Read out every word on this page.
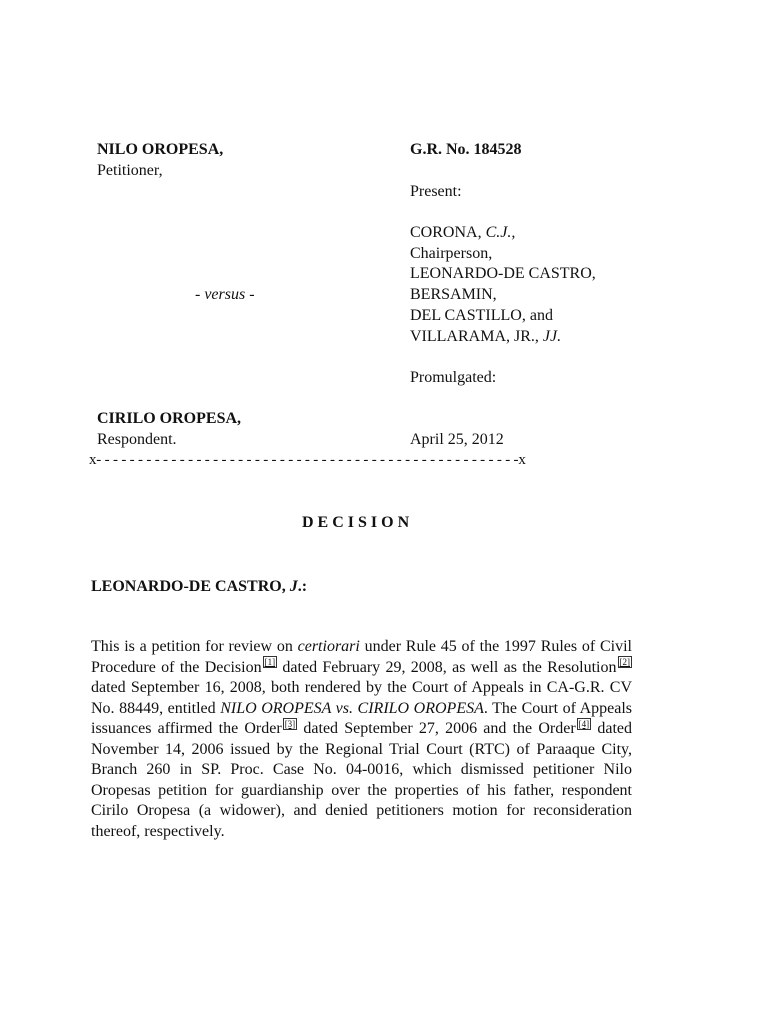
NILO OROPESA,
Petitioner,
- versus -
CIRILO OROPESA,
Respondent.
G.R. No. 184528
Present:
CORONA, C.J.,
Chairperson,
LEONARDO-DE CASTRO,
BERSAMIN,
DEL CASTILLO, and
VILLARAMA, JR., JJ.
Promulgated:
April 25, 2012
x- - - - - - - - - - - - - - - - - - - - - - - - - - - - - - - - - - - - - - - - - - - - - - - - - - -x
D E C I S I O N
LEONARDO-DE CASTRO, J.:

This is a petition for review on certiorari under Rule 45 of the 1997 Rules of Civil Procedure of the Decision [1] dated February 29, 2008, as well as the Resolution [2] dated September 16, 2008, both rendered by the Court of Appeals in CA-G.R. CV No. 88449, entitled NILO OROPESA vs. CIRILO OROPESA. The Court of Appeals issuances affirmed the Order [3] dated September 27, 2006 and the Order [4] dated November 14, 2006 issued by the Regional Trial Court (RTC) of Paraaque City, Branch 260 in SP. Proc. Case No. 04-0016, which dismissed petitioner Nilo Oropesas petition for guardianship over the properties of his father, respondent Cirilo Oropesa (a widower), and denied petitioners motion for reconsideration thereof, respectively.
